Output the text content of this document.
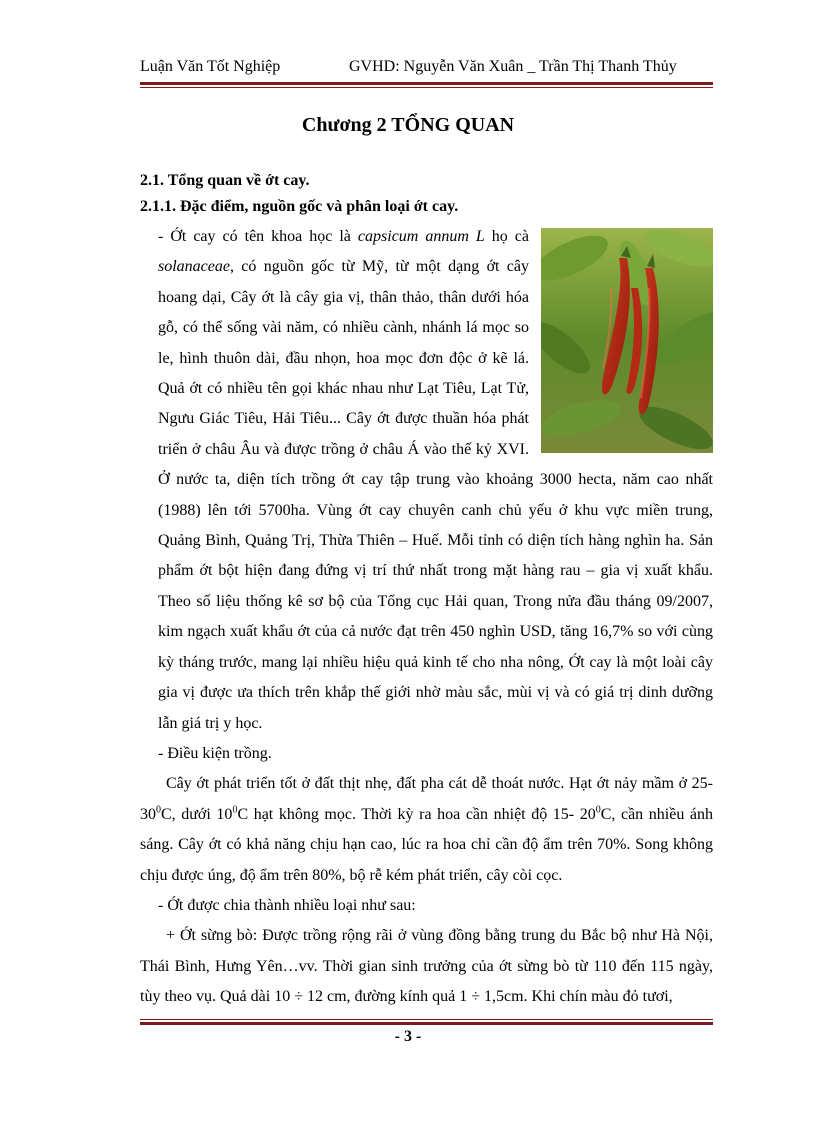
Luận Văn Tốt Nghiệp	GVHD: Nguyễn Văn Xuân _ Trần Thị Thanh Thủy
Chương 2 TỔNG QUAN
2.1. Tổng quan về ớt cay.
2.1.1. Đặc điểm, nguồn gốc và phân loại ớt cay.

- Ớt cay có tên khoa học là capsicum annum L họ cà solanaceae, có nguồn gốc từ Mỹ, từ một dạng ớt cây hoang dại, Cây ớt là cây gia vị, thân thảo, thân dưới hóa gỗ, có thể sống vài năm, có nhiều cành, nhánh lá mọc so le, hình thuôn dài, đầu nhọn, hoa mọc đơn độc ở kẽ lá. Quả ớt có nhiều tên gọi khác nhau như Lạt Tiêu, Lạt Tử, Ngưu Giác Tiêu, Hải Tiêu... Cây ớt được thuần hóa phát triển ở châu Âu và được trồng ở châu Á vào thế kỷ XVI. Ở nước ta, diện tích trồng ớt cay tập trung vào khoảng 3000 hecta, năm cao nhất (1988) lên tới 5700ha. Vùng ớt cay chuyên canh chủ yếu ở khu vực miền trung, Quảng Bình, Quảng Trị, Thừa Thiên – Huế. Mỗi tỉnh có diện tích hàng nghìn ha. Sản phẩm ớt bột hiện đang đứng vị trí thứ nhất trong mặt hàng rau – gia vị xuất khẩu. Theo số liệu thống kê sơ bộ của Tổng cục Hải quan, Trong nửa đầu tháng 09/2007, kim ngạch xuất khẩu ớt của cả nước đạt trên 450 nghìn USD, tăng 16,7% so với cùng kỳ tháng trước, mang lại nhiều hiệu quả kinh tế cho nha nông, Ớt cay là một loài cây gia vị được ưa thích trên khắp thế giới nhờ màu sắc, mùi vị và có giá trị dinh dưỡng lẫn giá trị y học.

- Điều kiện trồng.

Cây ớt phát triển tốt ở đất thịt nhẹ, đất pha cát dễ thoát nước. Hạt ớt nảy mầm ở $25-30^0C$, dưới $10^0C$ hạt không mọc. Thời kỳ ra hoa cần nhiệt độ 15- $20^0C$, cần nhiều ánh sáng. Cây ớt có khả năng chịu hạn cao, lúc ra hoa chỉ cần độ ẩm trên 70%. Song không chịu được úng, độ ẩm trên 80%, bộ rễ kém phát triển, cây còi cọc.

- Ớt được chia thành nhiều loại như sau:

+ Ớt sừng bò: Được trồng rộng rãi ở vùng đồng bằng trung du Bắc bộ như Hà Nội, Thái Bình, Hưng Yên…vv. Thời gian sinh trưởng của ớt sừng bò từ 110 đến 115 ngày, tùy theo vụ. Quả dài 10 ÷ 12 cm, đường kính quả 1 ÷ 1,5cm. Khi chín màu đỏ tươi,

- 3 -
